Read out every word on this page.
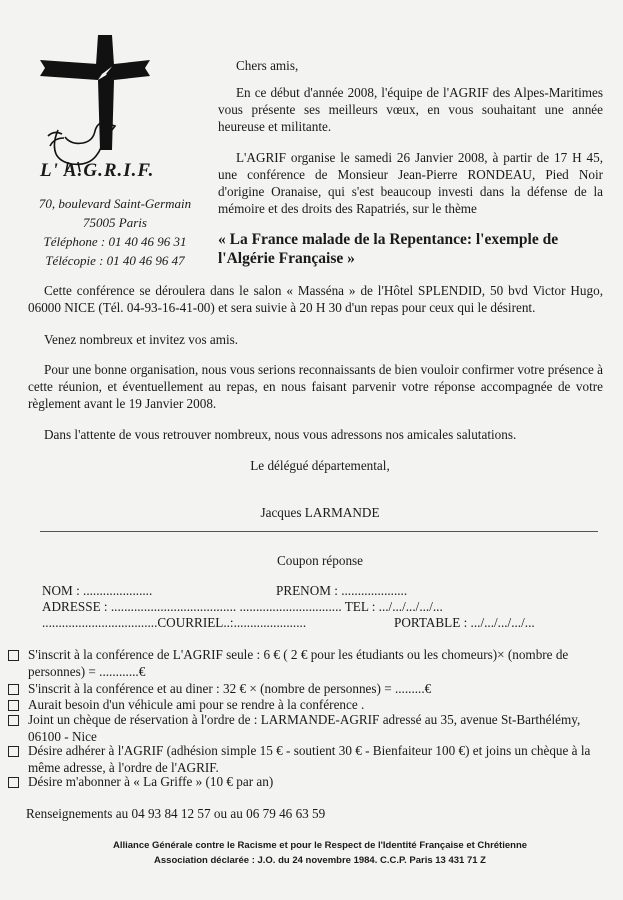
L' A.G.R.I.F.
70, boulevard Saint-Germain
75005 Paris
Téléphone : 01 40 46 96 31
Télécopie : 01 40 46 96 47
Chers amis,
En ce début d'année 2008, l'équipe de l'AGRIF des Alpes-Maritimes vous présente ses meilleurs vœux, en vous souhaitant une année heureuse et militante.
L'AGRIF organise le samedi 26 Janvier 2008, à partir de 17 H 45, une conférence de Monsieur Jean-Pierre RONDEAU, Pied Noir d'origine Oranaise, qui s'est beaucoup investi dans la défense de la mémoire et des droits des Rapatriés, sur le thème
« La France malade de la Repentance: l'exemple de l'Algérie Française »
Cette conférence se déroulera dans le salon « Masséna » de l'Hôtel SPLENDID, 50 bvd Victor Hugo, 06000 NICE (Tél. 04-93-16-41-00) et sera suivie à 20 H 30 d'un repas pour ceux qui le désirent.
Venez nombreux et invitez vos amis.
Pour une bonne organisation, nous vous serions reconnaissants de bien vouloir confirmer votre présence à cette réunion, et éventuellement au repas, en nous faisant parvenir votre réponse accompagnée de votre règlement avant le 19 Janvier 2008.
Dans l'attente de vous retrouver nombreux, nous vous adressons nos amicales salutations.
Le délégué départemental,
Jacques LARMANDE
Coupon réponse
NOM : .....................	PRENOM : ....................
ADRESSE : ...................................... ............................... TEL : .../.../.../.../...
...................................COURRIEL..:......................	PORTABLE : .../.../.../.../...
S'inscrit à la conférence de L'AGRIF seule : 6 € ( 2 € pour les étudiants ou les chomeurs)× (nombre de personnes) = ............€
S'inscrit à la conférence et au diner : 32 € × (nombre de personnes) = .........€
Aurait besoin d'un véhicule ami pour se rendre à la conférence .
Joint un chèque de réservation à l'ordre de : LARMANDE-AGRIF adressé au 35, avenue St-Barthélémy, 06100 - Nice
Désire adhérer à l'AGRIF (adhésion simple 15 € - soutient 30 € - Bienfaiteur 100 €) et joins un chèque à la même adresse, à l'ordre de l'AGRIF.
Désire m'abonner à « La Griffe » (10 € par an)
Renseignements au 04 93 84 12 57 ou au 06 79 46 63 59
Alliance Générale contre le Racisme et pour le Respect de l'Identité Française et Chrétienne
Association déclarée : J.O. du 24 novembre 1984. C.C.P. Paris 13 431 71 Z
